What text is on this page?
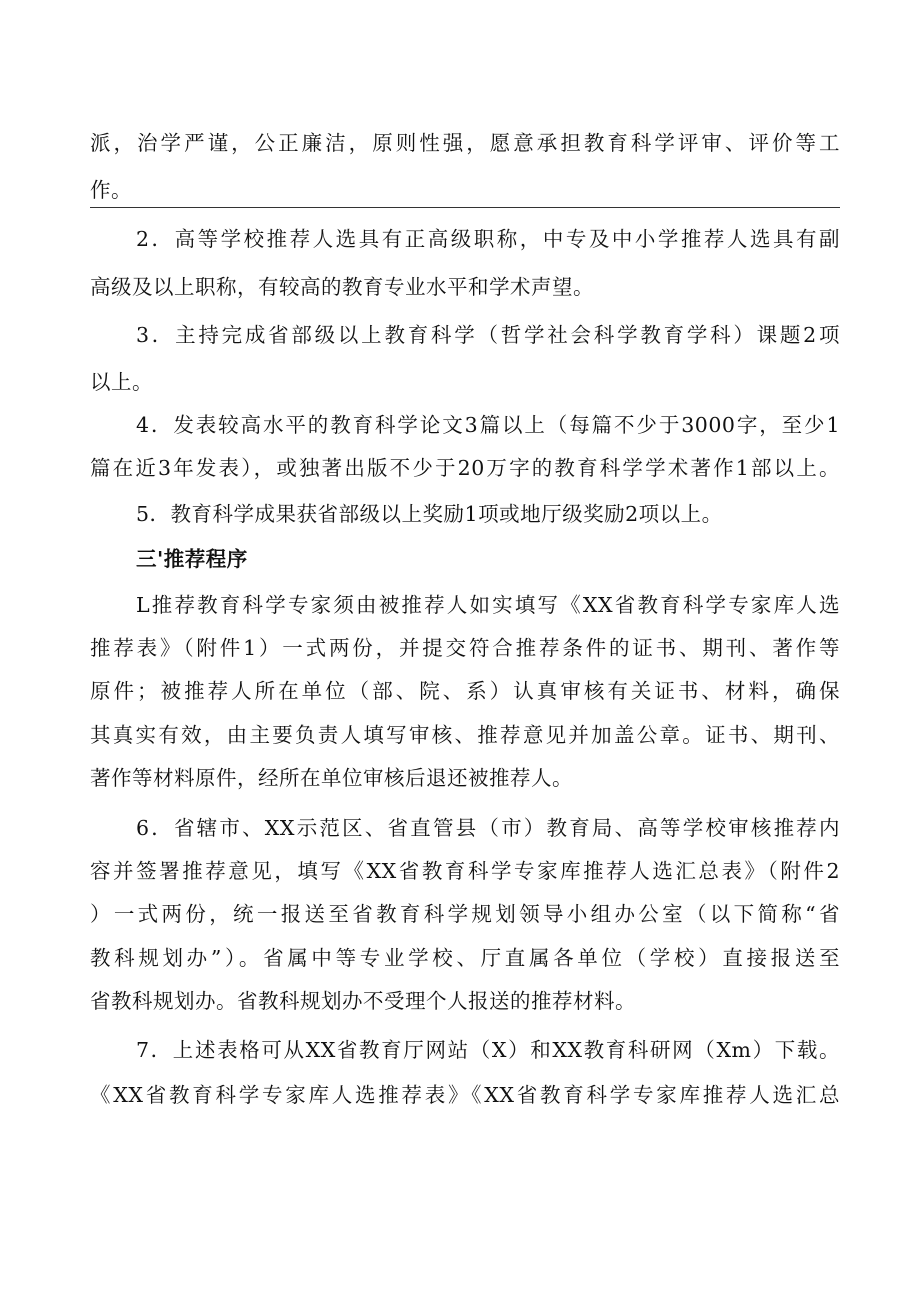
派，治学严谨，公正廉洁，原则性强，愿意承担教育科学评审、评价等工
作。
2．高等学校推荐人选具有正高级职称，中专及中小学推荐人选具有副
高级及以上职称，有较高的教育专业水平和学术声望。
3．主持完成省部级以上教育科学（哲学社会科学教育学科）课题2项
以上。
4．发表较高水平的教育科学论文3篇以上（每篇不少于3000字，至少1
篇在近3年发表），或独著出版不少于20万字的教育科学学术著作1部以上。
5．教育科学成果获省部级以上奖励1项或地厅级奖励2项以上。
三'推荐程序
L推荐教育科学专家须由被推荐人如实填写《XX省教育科学专家库人选
推荐表》（附件1）一式两份，并提交符合推荐条件的证书、期刊、著作等
原件；被推荐人所在单位（部、院、系）认真审核有关证书、材料，确保
其真实有效，由主要负责人填写审核、推荐意见并加盖公章。证书、期刊、
著作等材料原件，经所在单位审核后退还被推荐人。
6．省辖市、XX示范区、省直管县（市）教育局、高等学校审核推荐内
容并签署推荐意见，填写《XX省教育科学专家库推荐人选汇总表》（附件2
）一式两份，统一报送至省教育科学规划领导小组办公室（以下简称“省
教科规划办”）。省属中等专业学校、厅直属各单位（学校）直接报送至
省教科规划办。省教科规划办不受理个人报送的推荐材料。
7．上述表格可从XX省教育厅网站（X）和XX教育科研网（Xm）下载。
《XX省教育科学专家库人选推荐表》《XX省教育科学专家库推荐人选汇总
